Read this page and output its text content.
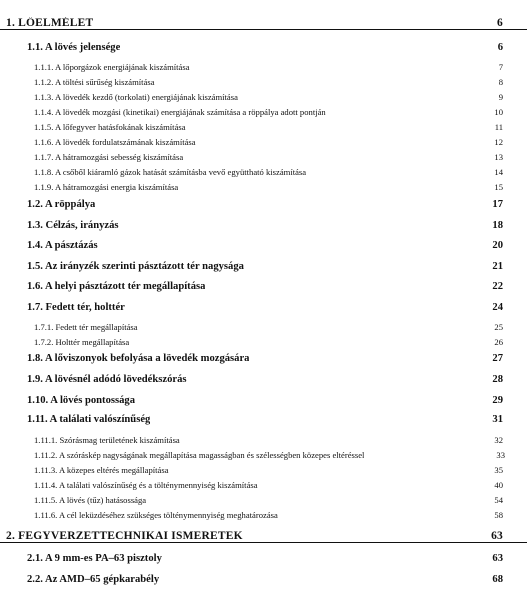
1. LŐELMÉLET	6
1.1. A lövés jelensége	6
1.1.1. A lőporgázok energiájának kiszámítása	7
1.1.2. A töltési sűrűség kiszámítása	8
1.1.3. A lövedék kezdő (torkolati) energiájának kiszámítása	9
1.1.4. A lövedék mozgási (kinetikai) energiájának számítása a röppálya adott pontján	10
1.1.5. A lőfegyver hatásfokának kiszámítása	11
1.1.6. A lövedék fordulatszámának kiszámítása	12
1.1.7. A hátramozgási sebesség kiszámítása	13
1.1.8. A csőből kiáramló gázok hatását számításba vevő együttható kiszámítása	14
1.1.9. A hátramozgási energia kiszámítása	15
1.2. A röppálya	17
1.3. Célzás, irányzás	18
1.4. A pásztázás	20
1.5. Az irányzék szerinti pásztázott tér nagysága	21
1.6. A helyi pásztázott tér megállapítása	22
1.7. Fedett tér, holttér	24
1.7.1. Fedett tér megállapítása	25
1.7.2. Holttér megállapítása	26
1.8. A lőviszonyok befolyása a lövedék mozgására	27
1.9. A lövésnél adódó lövedékszórás	28
1.10. A lövés pontossága	29
1.11. A találati valószínűség	31
1.11.1. Szórásmag területének kiszámítása	32
1.11.2. A szóráskép nagyságának megállapítása magasságban és szélességben közepes eltéréssel	33
1.11.3. A közepes eltérés megállapítása	35
1.11.4. A találati valószínűség és a tölténymennyiség kiszámítása	40
1.11.5. A lövés (tűz) hatásossága	54
1.11.6. A cél leküzdéséhez szükséges tölténymennyiség meghatározása	58
2. FEGYVERZETTECHNIKAI ISMERETEK	63
2.1. A 9 mm-es PA–63 pisztoly	63
2.2. Az AMD–65 gépkarabély	68
